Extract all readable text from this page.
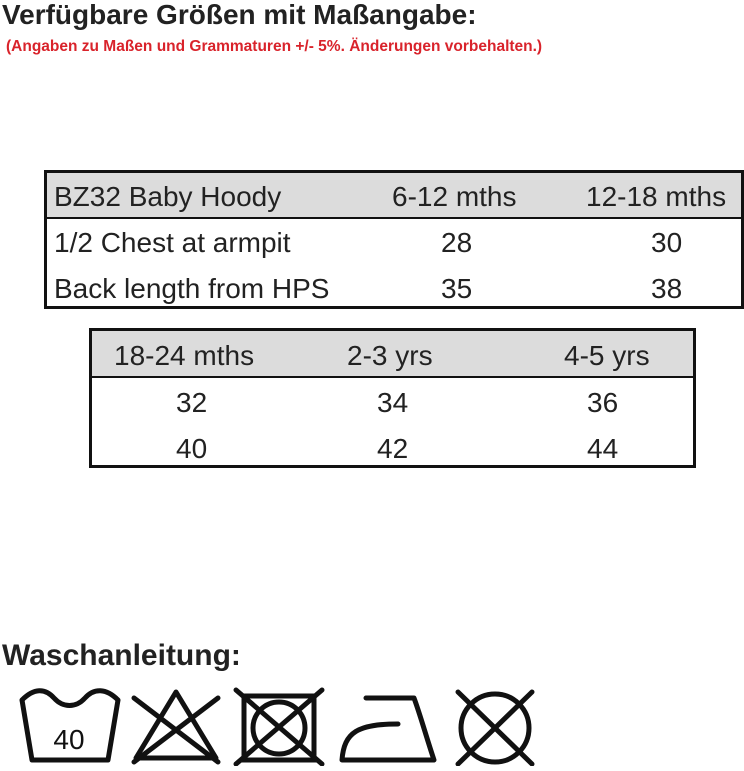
Verfügbare Größen mit Maßangabe:
(Angaben zu Maßen und Grammaturen +/- 5%. Änderungen vorbehalten.)
BZ32 Baby Hoody	6-12 mths 12-18 mths
1/2 Chest at armpit	28	30
Back length from HPS	35	38
18-24 mths	2-3 yrs	4-5 yrs
32	34	36
40	42	44
Waschanleitung:
40
